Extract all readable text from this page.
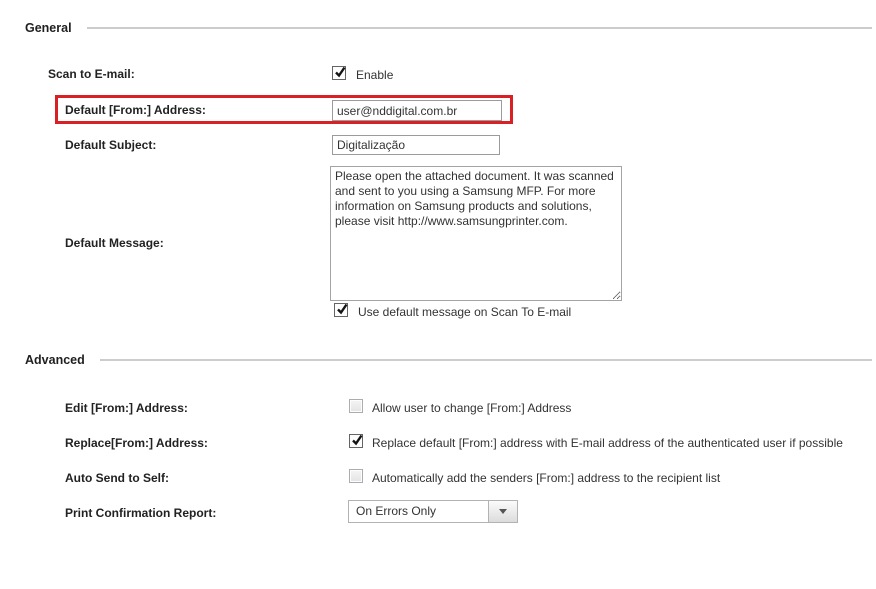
General
Scan to E-mail:	Enable
Default [From:] Address:
user@nddigital.com.br
Default Subject:
Digitalização
Default Message:
Please open the attached document. It was scanned and sent to you using a Samsung MFP. For more information on Samsung products and solutions, please visit http://www.samsungprinter.com.
Use default message on Scan To E-mail
Advanced
Edit [From:] Address:	Allow user to change [From:] Address
Replace[From:] Address:	Replace default [From:] address with E-mail address of the authenticated user if possible
Auto Send to Self:	Automatically add the senders [From:] address to the recipient list
Print Confirmation Report:	On Errors Only
